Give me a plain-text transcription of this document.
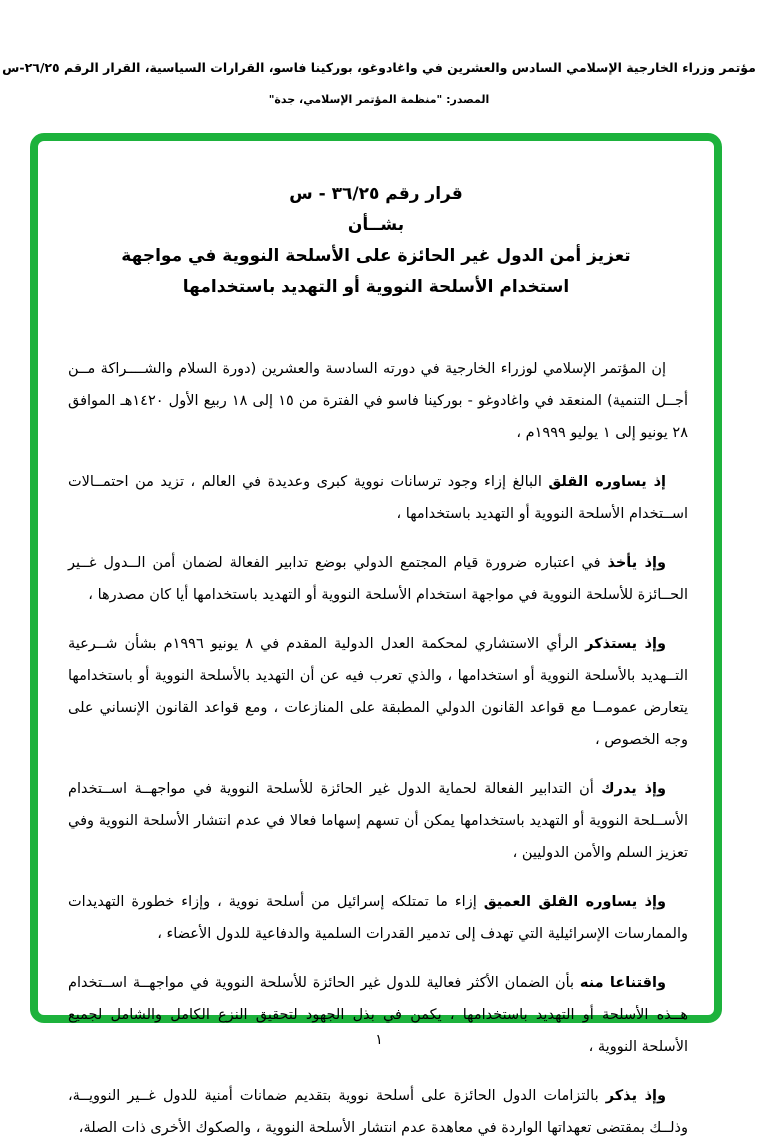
مؤتمر وزراء الخارجية الإسلامي السادس والعشرين في واغادوغو، بوركينا فاسو، القرارات السياسية، القرار الرقم ٢٦/٢٥-س
المصدر: "منظمة المؤتمر الإسلامي، جدة"
قرار رقم ٣٦/٢٥ - س
بشــأن
تعزيز أمن الدول غير الحائزة على الأسلحة النووية في مواجهة
استخدام الأسلحة النووية أو التهديد باستخدامها

إن المؤتمر الإسلامي لوزراء الخارجية في دورته السادسة والعشرين (دورة السلام والشــــراكة مــن أجــل التنمية) المنعقد في واغادوغو - بوركينا فاسو في الفترة من ١٥ إلى ١٨ ربيع الأول ١٤٢٠هـ الموافق ٢٨ يونيو إلى ١ يوليو ١٩٩٩م ،

إذ يساوره القلق البالغ إزاء وجود ترسانات نووية كبرى وعديدة في العالم ، تزيد من احتمــالات اســتخدام الأسلحة النووية أو التهديد باستخدامها ،

وإذ يأخذ في اعتباره ضرورة قيام المجتمع الدولي بوضع تدابير الفعالة لضمان أمن الــدول غــير الحــائزة للأسلحة النووية في مواجهة استخدام الأسلحة النووية أو التهديد باستخدامها أيا كان مصدرها ،

وإذ يستذكر الرأي الاستشاري لمحكمة العدل الدولية المقدم في ٨ يونيو ١٩٩٦م بشأن شــرعية التــهديد بالأسلحة النووية أو استخدامها ، والذي تعرب فيه عن أن التهديد بالأسلحة النووية أو باستخدامها يتعارض عمومــا مع قواعد القانون الدولي المطبقة على المنازعات ، ومع قواعد القانون الإنساني على وجه الخصوص ،

وإذ يدرك أن التدابير الفعالة لحماية الدول غير الحائزة للأسلحة النووية في مواجهــة اســتخدام الأســلحة النووية أو التهديد باستخدامها يمكن أن تسهم إسهاما فعالا في عدم انتشار الأسلحة النووية وفي تعزيز السلم والأمن الدوليين ،

وإذ يساوره القلق العميق إزاء ما تمتلكه إسرائيل من أسلحة نووية ، وإزاء خطورة التهديدات والممارسات الإسرائيلية التي تهدف إلى تدمير القدرات السلمية والدفاعية للدول الأعضاء ،

واقتناعا منه بأن الضمان الأكثر فعالية للدول غير الحائزة للأسلحة النووية في مواجهــة اســتخدام هــذه الأسلحة أو التهديد باستخدامها ، يكمن في بذل الجهود لتحقيق النزع الكامل والشامل لجميع الأسلحة النووية ،

وإذ يذكر بالتزامات الدول الحائزة على أسلحة نووية بتقديم ضمانات أمنية للدول غــير النوويــة، وذلــك بمقتضى تعهداتها الواردة في معاهدة عدم انتشار الأسلحة النووية ، والصكوك الأخرى ذات الصلة،

١
